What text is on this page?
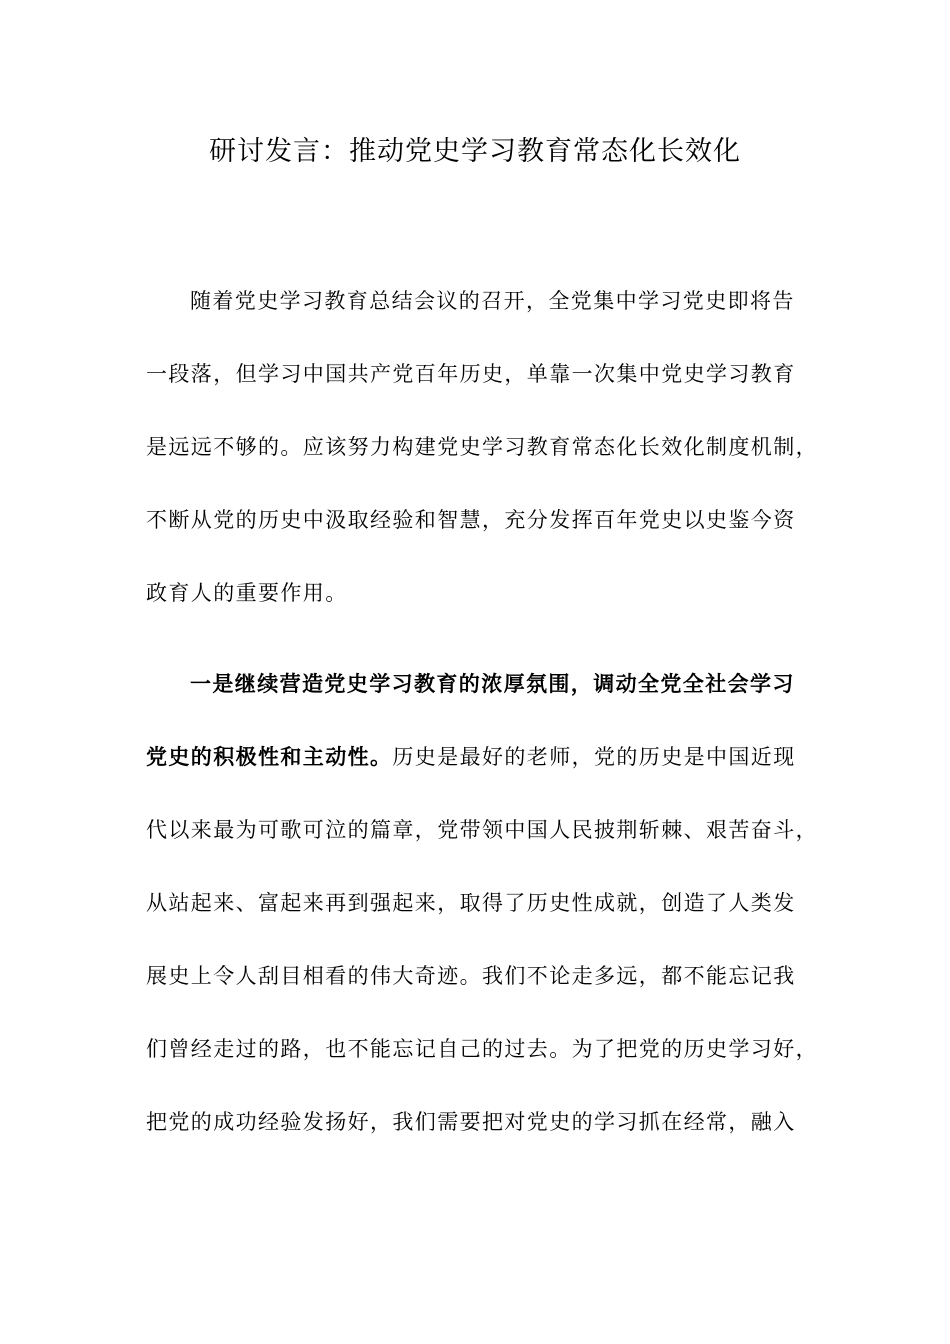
研讨发言：推动党史学习教育常态化长效化
随着党史学习教育总结会议的召开，全党集中学习党史即将告
一段落，但学习中国共产党百年历史，单靠一次集中党史学习教育
是远远不够的。应该努力构建党史学习教育常态化长效化制度机制，
不断从党的历史中汲取经验和智慧，充分发挥百年党史以史鉴今资
政育人的重要作用。
一是继续营造党史学习教育的浓厚氛围，调动全党全社会学习
党史的积极性和主动性。历史是最好的老师，党的历史是中国近现
代以来最为可歌可泣的篇章，党带领中国人民披荆斩棘、艰苦奋斗，
从站起来、富起来再到强起来，取得了历史性成就，创造了人类发
展史上令人刮目相看的伟大奇迹。我们不论走多远，都不能忘记我
们曾经走过的路，也不能忘记自己的过去。为了把党的历史学习好，
把党的成功经验发扬好，我们需要把对党史的学习抓在经常，融入
